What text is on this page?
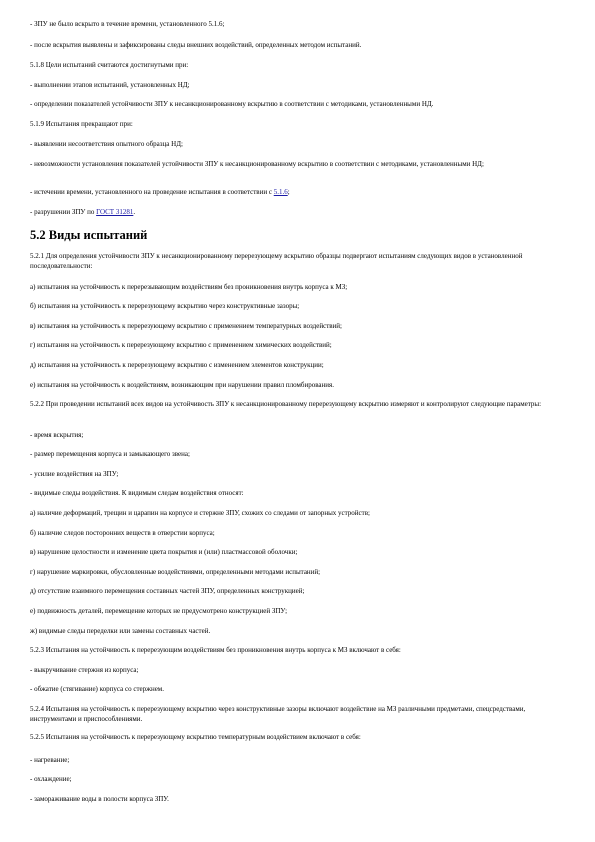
- ЗПУ не было вскрыто в течение времени, установленного 5.1.6;
- после вскрытия выявлены и зафиксированы следы внешних воздействий, определенных методом испытаний.
5.1.8 Цели испытаний считаются достигнутыми при:
- выполнении этапов испытаний, установленных НД;
- определении показателей устойчивости ЗПУ к несанкционированному вскрытию в соответствии с методиками, установленными НД.
5.1.9 Испытания прекращают при:
- выявлении несоответствия опытного образца НД;
- невозможности установления показателей устойчивости ЗПУ к несанкционированному вскрытию в соответствии с методиками, установленными НД;
- истечении времени, установленного на проведение испытания в соответствии с 5.1.6;
- разрушении ЗПУ по ГОСТ 31281.
5.2 Виды испытаний
5.2.1 Для определения устойчивости ЗПУ к несанкционированному перерезующему вскрытию образцы подвергают испытаниям следующих видов в установленной последовательности:
а) испытания на устойчивость к перерезывающим воздействиям без проникновения внутрь корпуса к МЗ;
б) испытания на устойчивость к перерезующему вскрытию через конструктивные зазоры;
в) испытания на устойчивость к перерезующему вскрытию с применением температурных воздействий;
г) испытания на устойчивость к перерезующему вскрытию с применением химических воздействий;
д) испытания на устойчивость к перерезующему вскрытию с изменением элементов конструкции;
е) испытания на устойчивость к воздействиям, возникающим при нарушении правил пломбирования.
5.2.2 При проведении испытаний всех видов на устойчивость ЗПУ к несанкционированному перерезующему вскрытию измеряют и контролируют следующие параметры:
- время вскрытия;
- размер перемещения корпуса и замыкающего звена;
- усилие воздействия на ЗПУ;
- видимые следы воздействия. К видимым следам воздействия относят:
а) наличие деформаций, трещин и царапин на корпусе и стержне ЗПУ, схожих со следами от запорных устройств;
б) наличие следов посторонних веществ в отверстии корпуса;
в) нарушение целостности и изменение цвета покрытия и (или) пластмассовой оболочки;
г) нарушение маркировки, обусловленные воздействиями, определенными методами испытаний;
д) отсутствие взаимного перемещения составных частей ЗПУ, определенных конструкцией;
е) подвижность деталей, перемещение которых не предусмотрено конструкцией ЗПУ;
ж) видимые следы переделки или замены составных частей.
5.2.3 Испытания на устойчивость к перерезующим воздействиям без проникновения внутрь корпуса к МЗ включают в себя:
- выкручивание стержня из корпуса;
- обжатие (стягивание) корпуса со стержнем.
5.2.4 Испытания на устойчивость к перерезующему вскрытию через конструктивные зазоры включают воздействие на МЗ различными предметами, спецсредствами, инструментами и приспособлениями.
5.2.5 Испытания на устойчивость к перерезующему вскрытию температурным воздействием включают в себя:
- нагревание;
- охлаждение;
- замораживание воды в полости корпуса ЗПУ.
